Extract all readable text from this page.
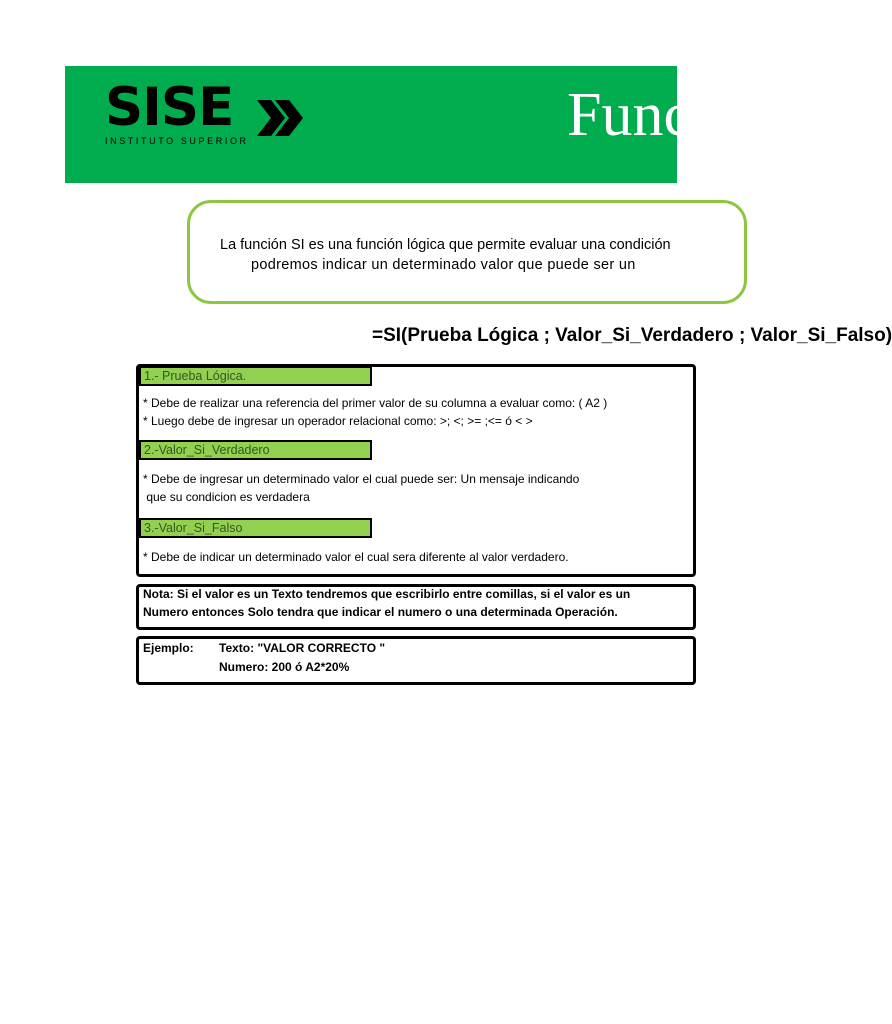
SISE
INSTITUTO SUPERIOR	Función SI
La función SI es una función lógica que permite evaluar una condición
podremos indicar un determinado valor que puede ser un
=SI(Prueba Lógica ; Valor_Si_Verdadero ; Valor_Si_Falso)
1.- Prueba Lógica.
* Debe de realizar una referencia del primer valor de su columna a evaluar como: ( A2 )
* Luego debe de ingresar un operador relacional como: >; <; >= ;<= ó < >
2.-Valor_Si_Verdadero
* Debe de ingresar un determinado valor el cual puede ser: Un mensaje indicando
que su condicion es verdadera
3.-Valor_Si_Falso
* Debe de indicar un determinado valor el cual sera diferente al valor verdadero.
Nota: Si el valor es un Texto tendremos que escribirlo entre comillas, si el valor es un
Numero entonces Solo tendra que indicar el numero o una determinada Operación.
Ejemplo: Texto: "VALOR CORRECTO "
Numero: 200 ó A2*20%
